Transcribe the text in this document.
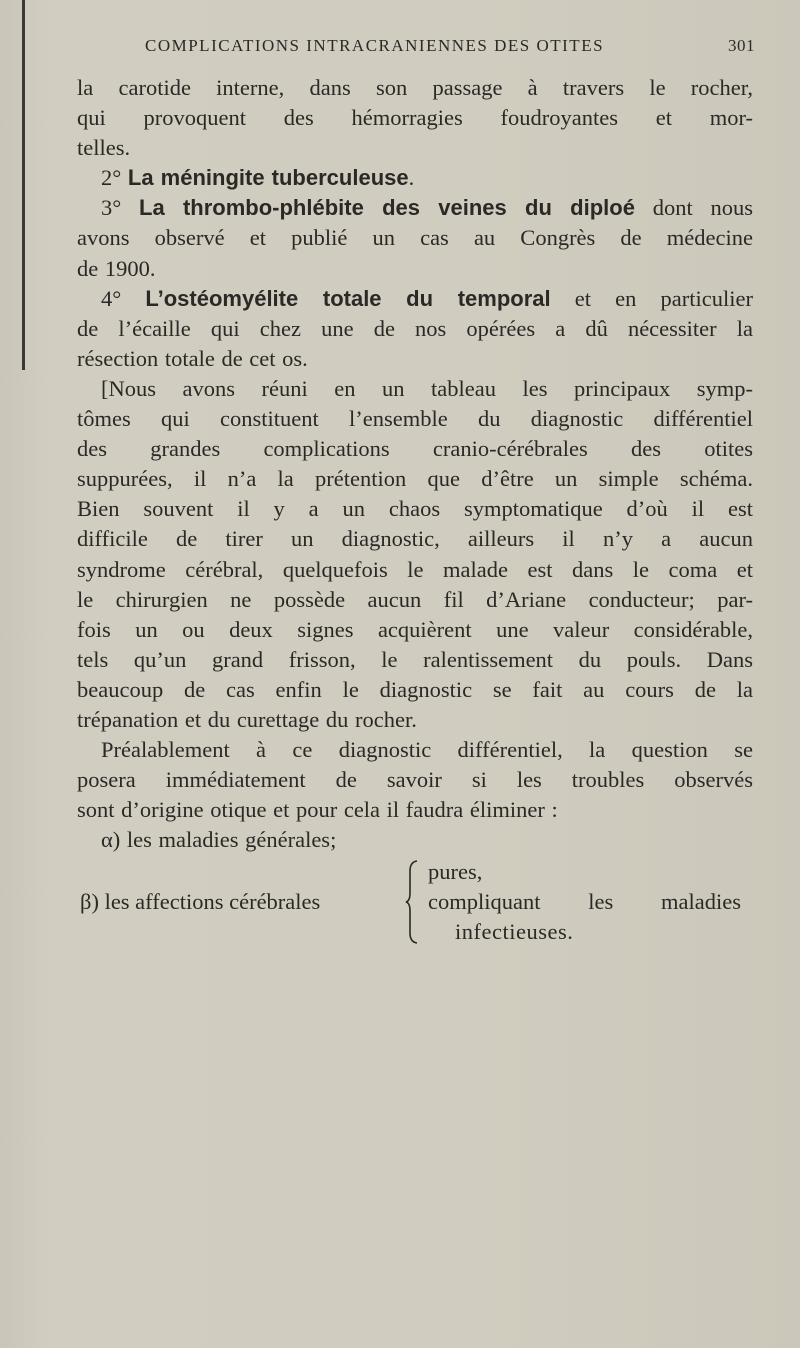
COMPLICATIONS INTRACRANIENNES DES OTITES	301
la carotide interne, dans son passage à travers le rocher,
qui provoquent des hémorragies foudroyantes et mor-
telles.
2° La méningite tuberculeuse.
3° La thrombo-phlébite des veines du diploé dont nous
avons observé et publié un cas au Congrès de médecine
de 1900.
4° L’ostéomyélite totale du temporal et en particulier
de l’écaille qui chez une de nos opérées a dû nécessiter la
résection totale de cet os.
[Nous avons réuni en un tableau les principaux symp-
tômes qui constituent l’ensemble du diagnostic différentiel
des grandes complications cranio-cérébrales des otites
suppurées, il n’a la prétention que d’être un simple schéma.
Bien souvent il y a un chaos symptomatique d’où il est
difficile de tirer un diagnostic, ailleurs il n’y a aucun
syndrome cérébral, quelquefois le malade est dans le coma et
le chirurgien ne possède aucun fil d’Ariane conducteur; par-
fois un ou deux signes acquièrent une valeur considérable,
tels qu’un grand frisson, le ralentissement du pouls. Dans
beaucoup de cas enfin le diagnostic se fait au cours de la
trépanation et du curettage du rocher.
Préalablement à ce diagnostic différentiel, la question se
posera immédiatement de savoir si les troubles observés
sont d’origine otique et pour cela il faudra éliminer :
α) les maladies générales;
β) les affections cérébrales
pures,
compliquant les maladies
infectieuses.
